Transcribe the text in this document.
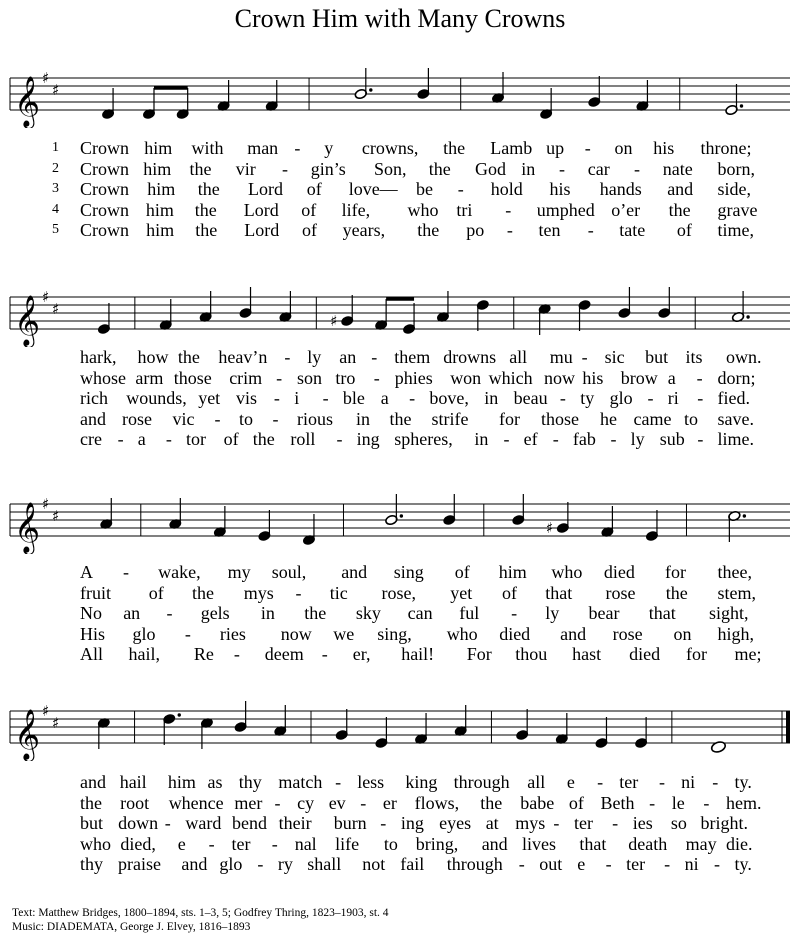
Crown Him with Many Crowns
𝄞 ♯
♯
𝄞 ♯
♯
♯
𝄞 ♯
♯
♯
𝄞 ♯
♯
1 Crown him with man - y crowns, the Lamb up - on his throne;
2 Crown him the vir - gin’s Son, the God in - car - nate born,
3 Crown him the Lord of love— be - hold his hands and side,
4 Crown him the Lord of life, who tri - umphed o’er the grave
5 Crown him the Lord of years, the po - ten - tate of time,
hark, how the heav’n - ly an - them drowns all mu - sic but its own.
whose arm those crim - son tro - phies won which now his brow a - dorn;
rich wounds, yet vis - i - ble a - bove, in beau - ty glo - ri - fied.
and rose vic - to - rious in the strife for those he came to save.
cre - a - tor of the roll - ing spheres, in - ef - fab - ly sub - lime.
A - wake, my soul, and sing of him who died for thee,
fruit of the mys - tic rose, yet of that rose the stem,
No an - gels in the sky can ful - ly bear that sight,
His glo - ries now we sing, who died and rose on high,
All hail, Re - deem - er, hail! For thou hast died for me;
and hail him as thy match - less king through all e - ter - ni - ty.
the root whence mer - cy ev - er flows, the babe of Beth - le - hem.
but down - ward bend their burn - ing eyes at mys - ter - ies so bright.
who died, e - ter - nal life to bring, and lives that death may die.
thy praise and glo - ry shall not fail through - out e - ter - ni - ty.
Text: Matthew Bridges, 1800–1894, sts. 1–3, 5; Godfrey Thring, 1823–1903, st. 4
Music: DIADEMATA, George J. Elvey, 1816–1893
